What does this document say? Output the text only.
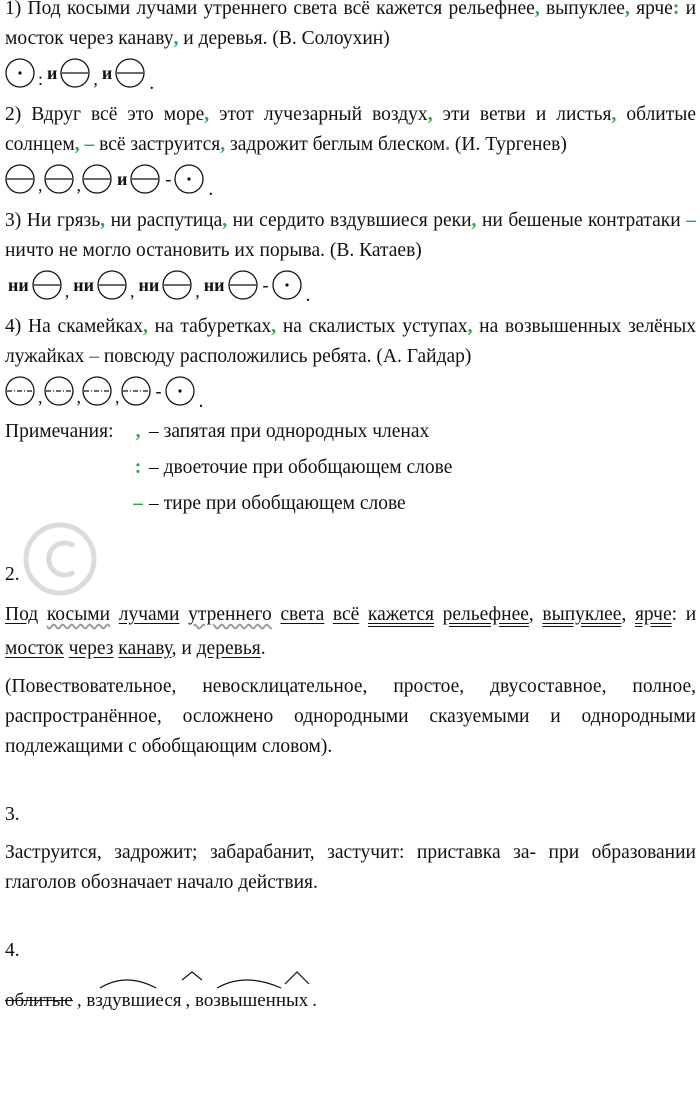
1) Под косыми лучами утреннего света всё кажется рельефнее, выпуклее, ярче: и мосток через канаву, и деревья. (В. Солоухин)

: и , и .

2) Вдруг всё это море, этот лучезарный воздух, эти ветви и листья, облитые солнцем, – всё заструится, задрожит беглым блеском. (И. Тургенев)

, , и - .

3) Ни грязь, ни распутица, ни сердито вздувшиеся реки, ни бешеные контратаки – ничто не могло остановить их порыва. (В. Катаев)

ни , ни , ни , ни - .

4) На скамейках, на табуретках, на скалистых уступах, на возвышенных зелёных лужайках – повсюду расположились ребята. (А. Гайдар)

, , , - .
Примечания:	, – запятая при однородных членах
: – двоеточие при обобщающем слове
– – тире при обобщающем слове
2.

Под косыми лучами утреннего света всё кажется рельефнее, выпуклее, ярче: и мосток через канаву, и деревья.

(Повествовательное, невосклицательное, простое, двусоставное, полное, распространённое, осложнено однородными сказуемыми и однородными подлежащими с обобщающим словом).

3.

Заструится, задрожит; забарабанит, застучит: приставка за- при образовании глаголов обозначает начало действия.

4.
облитые , вздувшиеся , возвышенных .
